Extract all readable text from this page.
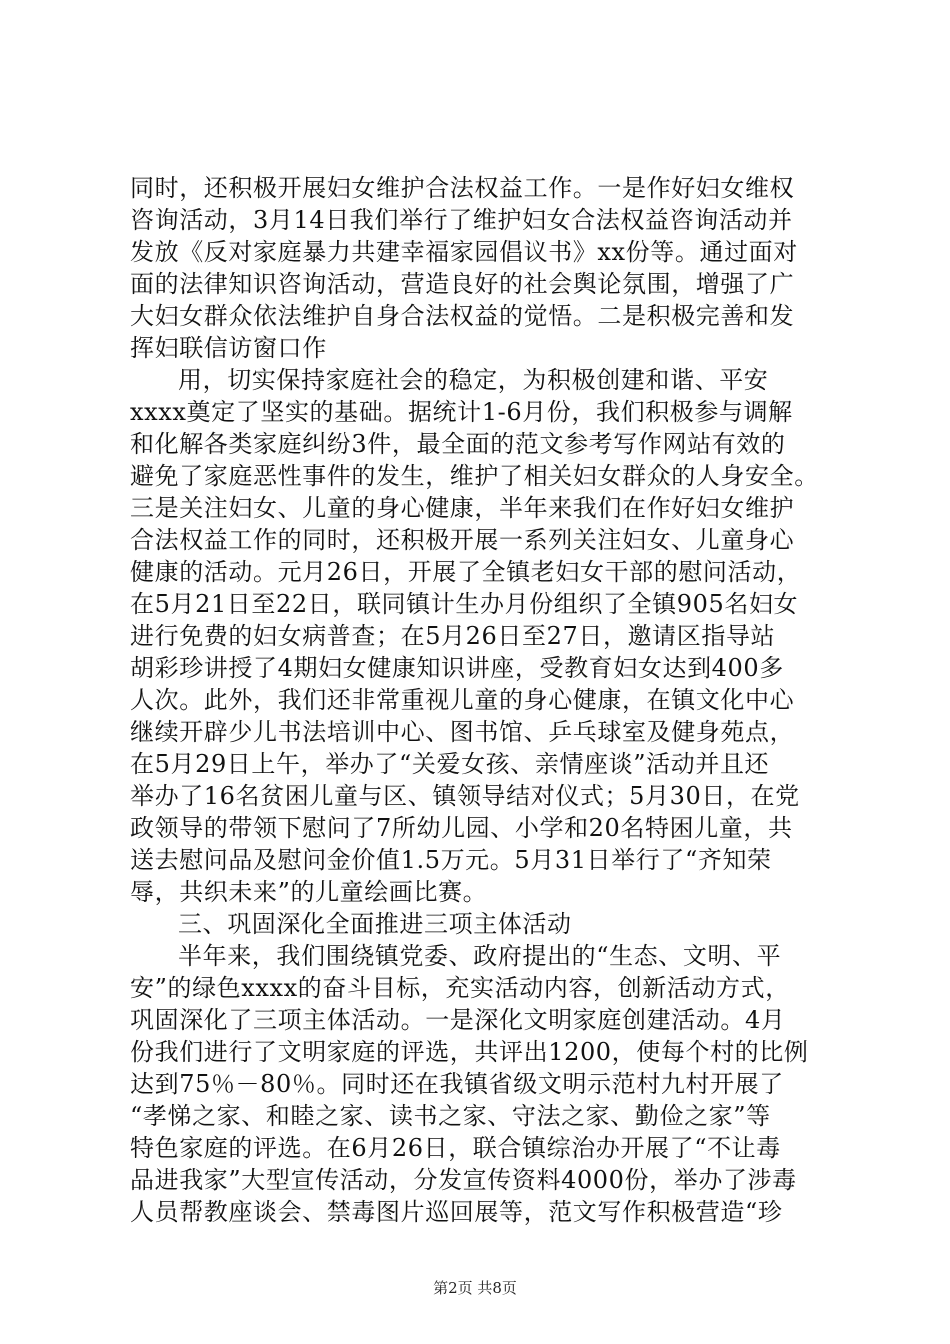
同时，还积极开展妇女维护合法权益工作。一是作好妇女维权
咨询活动，3月14日我们举行了维护妇女合法权益咨询活动并
发放《反对家庭暴力共建幸福家园倡议书》xx份等。通过面对
面的法律知识咨询活动，营造良好的社会舆论氛围，增强了广
大妇女群众依法维护自身合法权益的觉悟。二是积极完善和发
挥妇联信访窗口作
用，切实保持家庭社会的稳定，为积极创建和谐、平安
xxxx奠定了坚实的基础。据统计1-6月份，我们积极参与调解
和化解各类家庭纠纷3件，最全面的范文参考写作网站有效的
避免了家庭恶性事件的发生，维护了相关妇女群众的人身安全。
三是关注妇女、儿童的身心健康，半年来我们在作好妇女维护
合法权益工作的同时，还积极开展一系列关注妇女、儿童身心
健康的活动。元月26日，开展了全镇老妇女干部的慰问活动，
在5月21日至22日，联同镇计生办月份组织了全镇905名妇女
进行免费的妇女病普查；在5月26日至27日，邀请区指导站
胡彩珍讲授了4期妇女健康知识讲座，受教育妇女达到400多
人次。此外，我们还非常重视儿童的身心健康，在镇文化中心
继续开辟少儿书法培训中心、图书馆、乒乓球室及健身苑点，
在5月29日上午，举办了“关爱女孩、亲情座谈”活动并且还
举办了16名贫困儿童与区、镇领导结对仪式；5月30日，在党
政领导的带领下慰问了7所幼儿园、小学和20名特困儿童，共
送去慰问品及慰问金价值1.5万元。5月31日举行了“齐知荣
辱，共织未来”的儿童绘画比赛。
三、巩固深化全面推进三项主体活动
半年来，我们围绕镇党委、政府提出的“生态、文明、平
安”的绿色xxxx的奋斗目标，充实活动内容，创新活动方式，
巩固深化了三项主体活动。一是深化文明家庭创建活动。4月
份我们进行了文明家庭的评选，共评出1200，使每个村的比例
达到75％－80％。同时还在我镇省级文明示范村九村开展了
“孝悌之家、和睦之家、读书之家、守法之家、勤俭之家”等
特色家庭的评选。在6月26日，联合镇综治办开展了“不让毒
品进我家”大型宣传活动，分发宣传资料4000份，举办了涉毒
人员帮教座谈会、禁毒图片巡回展等，范文写作积极营造“珍
第2页 共8页
